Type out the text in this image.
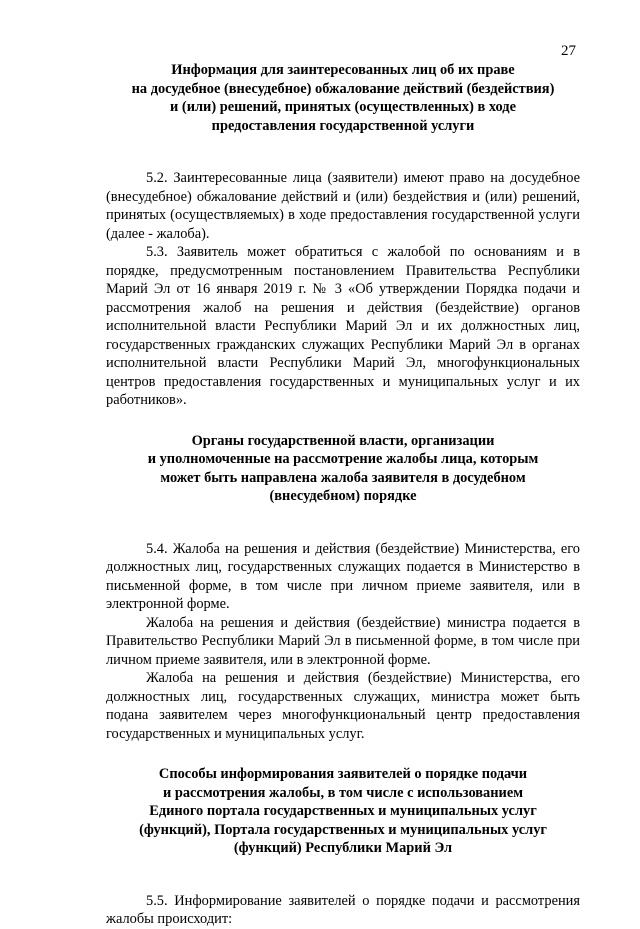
27
Информация для заинтересованных лиц об их праве
на досудебное (внесудебное) обжалование действий (бездействия)
и (или) решений, принятых (осуществленных) в ходе
предоставления государственной услуги

5.2. Заинтересованные лица (заявители) имеют право на досудебное (внесудебное) обжалование действий и (или) бездействия и (или) решений, принятых (осуществляемых) в ходе предоставления государственной услуги (далее - жалоба).

5.3. Заявитель может обратиться с жалобой по основаниям и в порядке, предусмотренным постановлением Правительства Республики Марий Эл от 16 января 2019 г. № 3 «Об утверждении Порядка подачи и рассмотрения жалоб на решения и действия (бездействие) органов исполнительной власти Республики Марий Эл и их должностных лиц, государственных гражданских служащих Республики Марий Эл в органах исполнительной власти Республики Марий Эл, многофункциональных центров предоставления государственных и муниципальных услуг и их работников».

Органы государственной власти, организации
и уполномоченные на рассмотрение жалобы лица, которым
может быть направлена жалоба заявителя в досудебном
(внесудебном) порядке

5.4. Жалоба на решения и действия (бездействие) Министерства, его должностных лиц, государственных служащих подается в Министерство в письменной форме, в том числе при личном приеме заявителя, или в электронной форме.

Жалоба на решения и действия (бездействие) министра подается в Правительство Республики Марий Эл в письменной форме, в том числе при личном приеме заявителя, или в электронной форме.

Жалоба на решения и действия (бездействие) Министерства, его должностных лиц, государственных служащих, министра может быть подана заявителем через многофункциональный центр предоставления государственных и муниципальных услуг.

Способы информирования заявителей о порядке подачи
и рассмотрения жалобы, в том числе с использованием
Единого портала государственных и муниципальных услуг
(функций), Портала государственных и муниципальных услуг
(функций) Республики Марий Эл

5.5. Информирование заявителей о порядке подачи и рассмотрения жалобы происходит:
